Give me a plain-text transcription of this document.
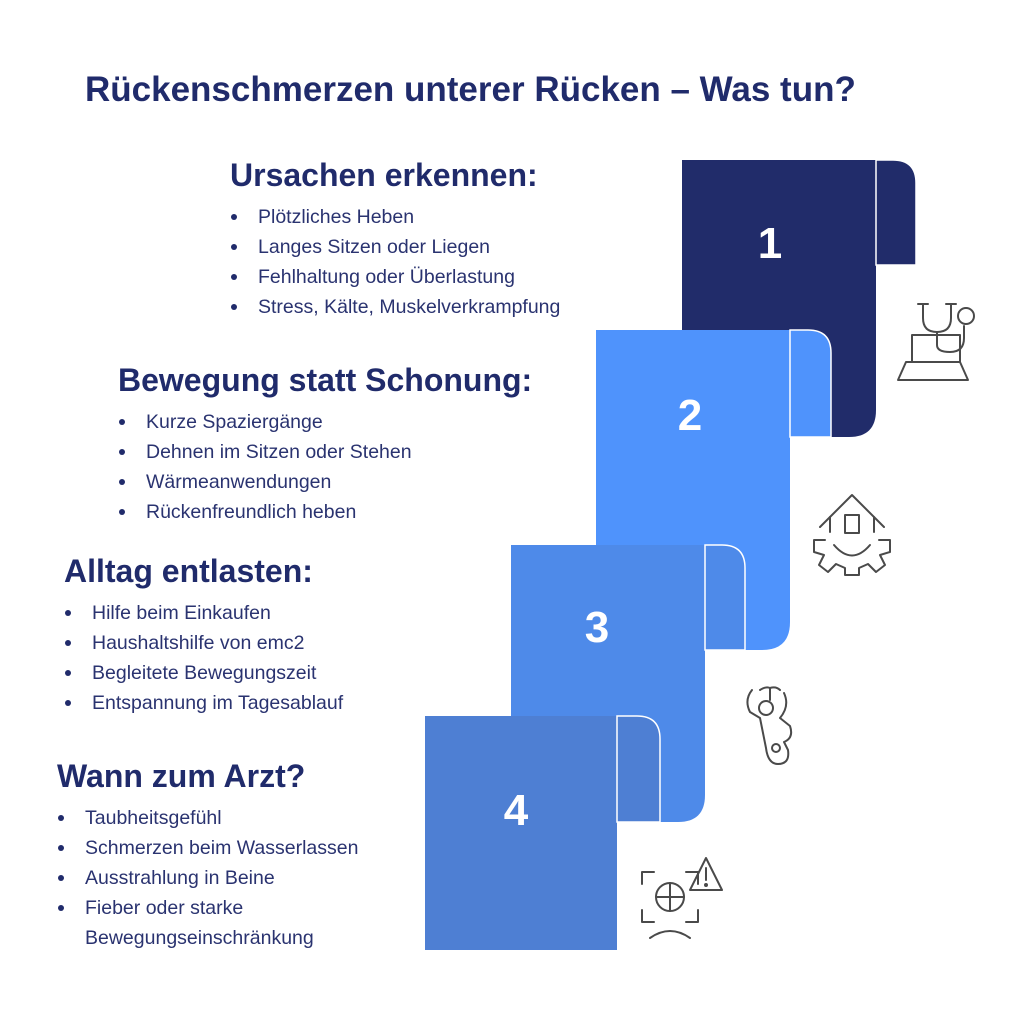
1
2
3
4
Rückenschmerzen unterer Rücken – Was tun?
Ursachen erkennen:
Plötzliches Heben
Langes Sitzen oder Liegen
Fehlhaltung oder Überlastung
Stress, Kälte, Muskelverkrampfung
Bewegung statt Schonung:
Kurze Spaziergänge
Dehnen im Sitzen oder Stehen
Wärmeanwendungen
Rückenfreundlich heben
Alltag entlasten:
Hilfe beim Einkaufen
Haushaltshilfe von emc2
Begleitete Bewegungszeit
Entspannung im Tagesablauf
Wann zum Arzt?
Taubheitsgefühl
Schmerzen beim Wasserlassen
Ausstrahlung in Beine
Fieber oder starke Bewegungseinschränkung
